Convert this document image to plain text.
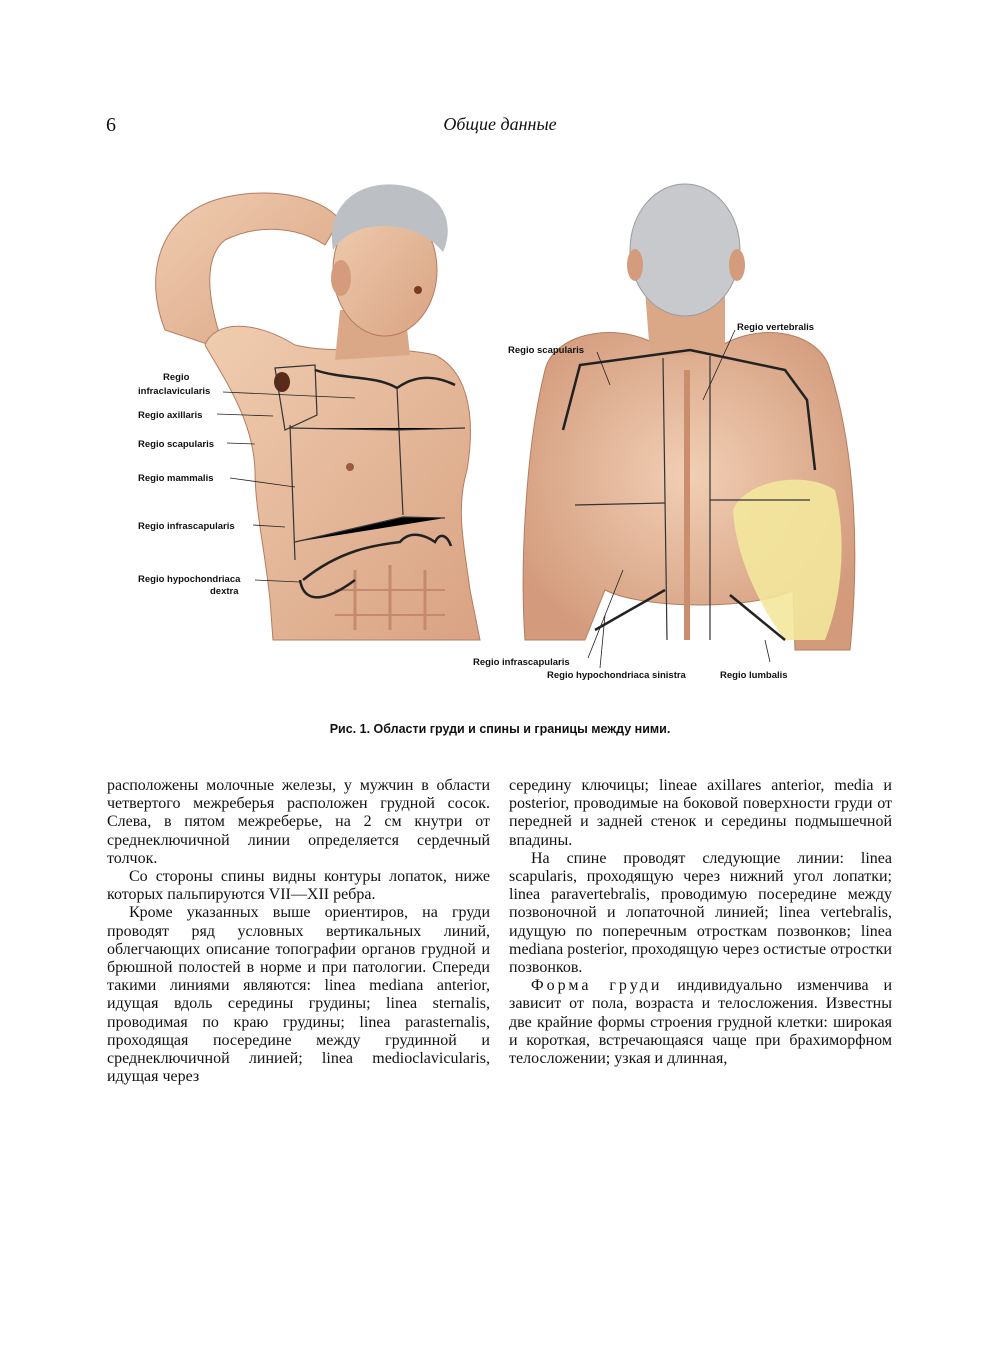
6	Общие данные
Regio
infraclavicularis
Regio axillaris
Regio scapularis
Regio mammalis
Regio infrascapularis
Regio hypochondriaca
dextra
Regio scapularis
Regio vertebralis
Regio infrascapularis
Regio hypochondriaca sinistra	Regio lumbalis
Рис. 1. Области груди и спины и границы между ними.

расположены молочные железы, у мужчин в области четвертого межреберья расположен грудной сосок. Слева, в пятом межреберье, на 2 см кнутри от среднеключичной линии определяется сердечный толчок.

Со стороны спины видны контуры лопаток, ниже которых пальпируются VII—XII ребра.

Кроме указанных выше ориентиров, на груди проводят ряд условных вертикальных линий, облегчающих описание топографии органов грудной и брюшной полостей в норме и при патологии. Спереди такими линиями являются: linea mediana anterior, идущая вдоль середины грудины; linea sternalis, проводимая по краю грудины; linea parasternalis, проходящая посередине между грудинной и среднеключичной линией; linea medioclavicularis, идущая через

середину ключицы; lineae axillares anterior, media и posterior, проводимые на боковой поверхности груди от передней и задней стенок и середины подмышечной впадины.

На спине проводят следующие линии: linea scapularis, проходящую через нижний угол лопатки; linea paravertebralis, проводимую посередине между позвоночной и лопаточной линией; linea vertebralis, идущую по поперечным отросткам позвонков; linea mediana posterior, проходящую через остистые отростки позвонков.

Форма груди индивидуально изменчива и зависит от пола, возраста и телосложения. Известны две крайние формы строения грудной клетки: широкая и короткая, встречающаяся чаще при брахиморфном телосложении; узкая и длинная,
